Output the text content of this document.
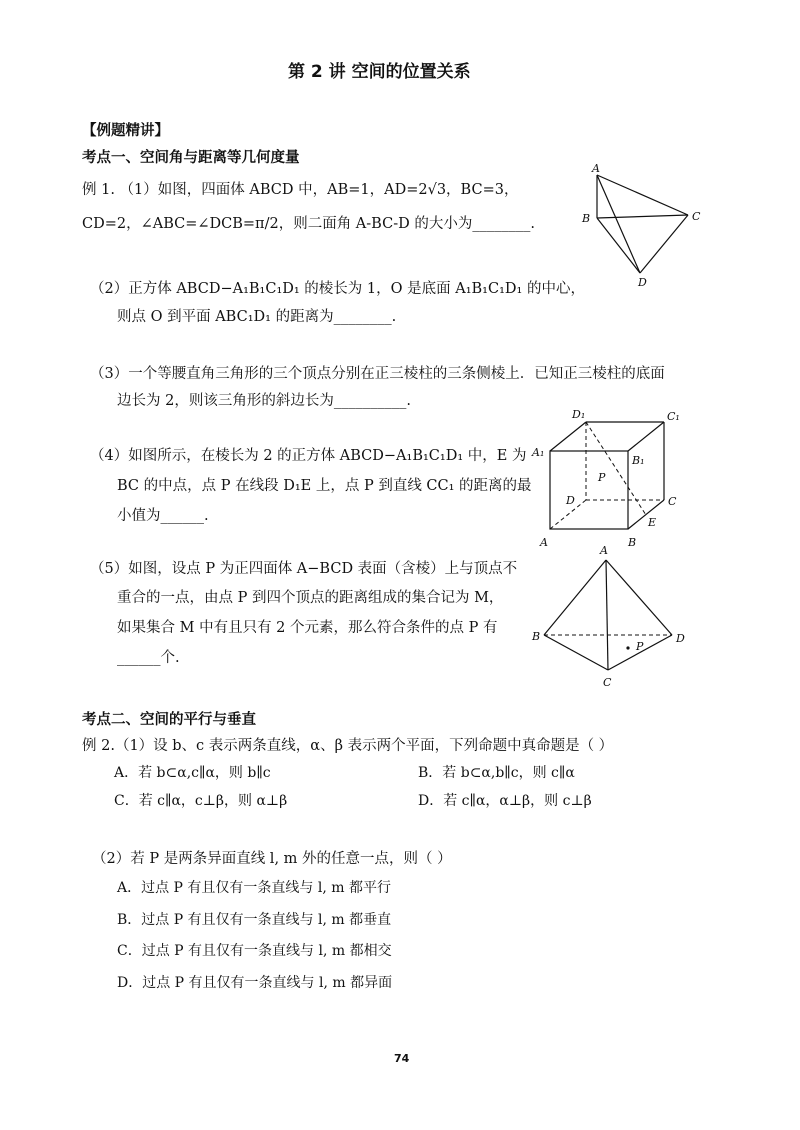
第 2 讲 空间的位置关系
【例题精讲】
考点一、空间角与距离等几何度量
例 1. （1）如图，四面体 ABCD 中，AB=1，AD=2√3，BC=3，
CD=2，∠ABC=∠DCB=π/2，则二面角 A-BC-D 的大小为________.
A
B	C
D
（2）正方体 ABCD−A₁B₁C₁D₁ 的棱长为 1，O 是底面 A₁B₁C₁D₁ 的中心，
则点 O 到平面 ABC₁D₁ 的距离为________.
（3）一个等腰直角三角形的三个顶点分别在正三棱柱的三条侧棱上．已知正三棱柱的底面
边长为 2，则该三角形的斜边长为__________.
（4）如图所示，在棱长为 2 的正方体 ABCD−A₁B₁C₁D₁ 中，E 为
BC 的中点，点 P 在线段 D₁E 上，点 P 到直线 CC₁ 的距离的最
小值为______.
D₁	C₁
A₁
B₁
P
D	C
E
A	B
（5）如图，设点 P 为正四面体 A−BCD 表面（含棱）上与顶点不
重合的一点，由点 P 到四个顶点的距离组成的集合记为 M，
如果集合 M 中有且只有 2 个元素，那么符合条件的点 P 有
______个.
A
B	D
P
C
考点二、空间的平行与垂直
例 2.（1）设 b、c 表示两条直线，α、β 表示两个平面，下列命题中真命题是（ ）
A．若 b⊂α,c∥α，则 b∥c	B．若 b⊂α,b∥c，则 c∥α
C．若 c∥α，c⊥β，则 α⊥β	D．若 c∥α，α⊥β，则 c⊥β
（2）若 P 是两条异面直线 l, m 外的任意一点，则（ ）
A．过点 P 有且仅有一条直线与 l, m 都平行
B．过点 P 有且仅有一条直线与 l, m 都垂直
C．过点 P 有且仅有一条直线与 l, m 都相交
D．过点 P 有且仅有一条直线与 l, m 都异面
74
